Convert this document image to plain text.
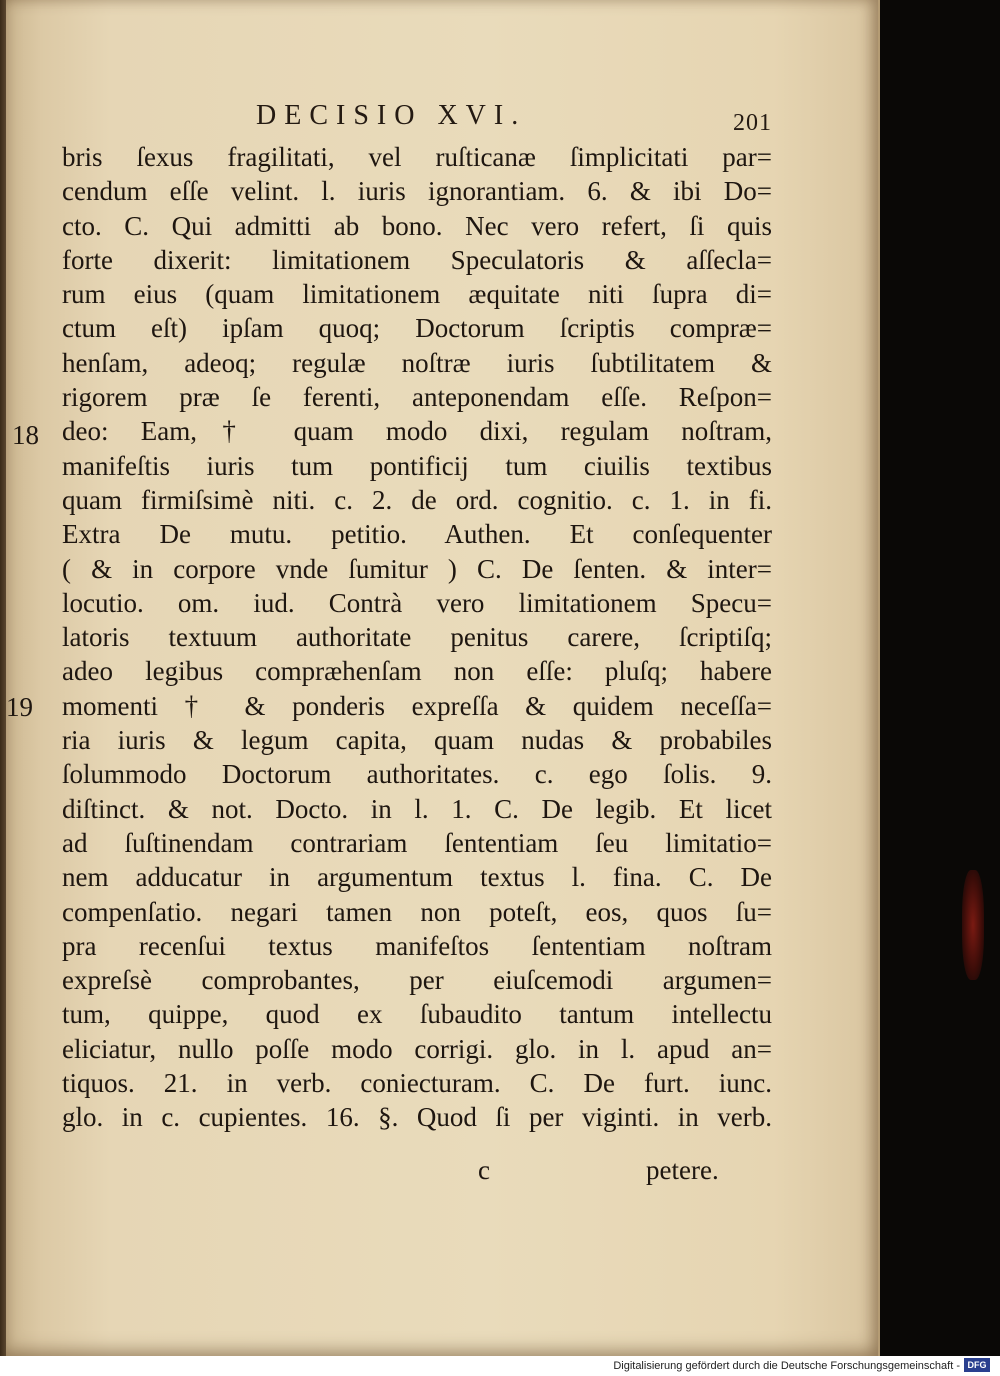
DECISIO XVI.	201
18
19
bris ſexus fragilitati, vel ruſticanæ ſimplicitati par=
cendum eſſe velint. l. iuris ignorantiam. 6. & ibi Do=
cto. C. Qui admitti ab bono. Nec vero refert, ſi quis
forte dixerit: limitationem Speculatoris & aſſecla=
rum eius (quam limitationem æquitate niti ſupra di=
ctum eſt) ipſam quoq; Doctorum ſcriptis compræ=
henſam, adeoq; regulæ noſtræ iuris ſubtilitatem &
rigorem præ ſe ferenti, anteponendam eſſe. Reſpon=
deo: Eam,† quam modo dixi, regulam noſtram,
manifeſtis iuris tum pontificij tum ciuilis textibus
quam firmiſsimè niti. c. 2. de ord. cognitio. c. 1. in fi.
Extra De mutu. petitio. Authen. Et conſequenter
( & in corpore vnde ſumitur ) C. De ſenten. & inter=
locutio. om. iud. Contrà vero limitationem Specu=
latoris textuum authoritate penitus carere, ſcriptiſq;
adeo legibus compræhenſam non eſſe: pluſq; habere
momenti † & ponderis expreſſa & quidem neceſſa=
ria iuris & legum capita, quam nudas & probabiles
ſolummodo Doctorum authoritates. c. ego ſolis. 9.
diſtinct. & not. Docto. in l. 1. C. De legib. Et licet
ad ſuſtinendam contrariam ſententiam ſeu limitatio=
nem adducatur in argumentum textus l. fina. C. De
compenſatio. negari tamen non poteſt, eos, quos ſu=
pra recenſui textus manifeſtos ſententiam noſtram
expreſsè comprobantes, per eiuſcemodi argumen=
tum, quippe, quod ex ſubaudito tantum intellectu
eliciatur, nullo poſſe modo corrigi. glo. in l. apud an=
tiquos. 21. in verb. coniecturam. C. De furt. iunc.
glo. in c. cupientes. 16. §. Quod ſi per viginti. in verb.
c	petere.
Digitalisierung gefördert durch die Deutsche Forschungsgemeinschaft - DFG
